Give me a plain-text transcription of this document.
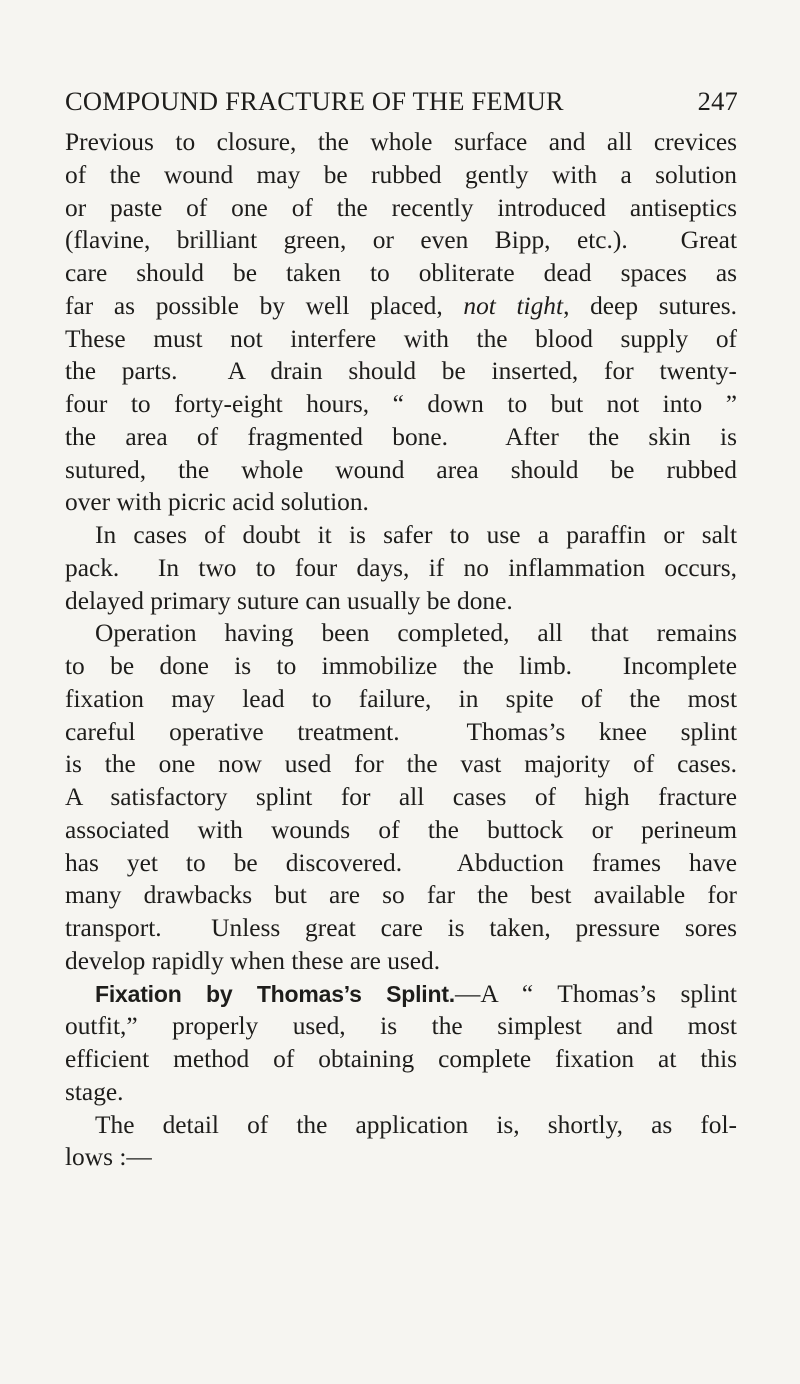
COMPOUND FRACTURE OF THE FEMUR	247
Previous to closure, the whole surface and all crevices
of the wound may be rubbed gently with a solution
or paste of one of the recently introduced antiseptics
(flavine, brilliant green, or even Bipp, etc.).  Great
care should be taken to obliterate dead spaces as
far as possible by well placed, not tight, deep sutures.
These must not interfere with the blood supply of
the parts.  A drain should be inserted, for twenty-
four to forty-eight hours, “ down to but not into ”
the area of fragmented bone.  After the skin is
sutured, the whole wound area should be rubbed
over with picric acid solution.
In cases of doubt it is safer to use a paraffin or salt
pack.  In two to four days, if no inflammation occurs,
delayed primary suture can usually be done.
Operation having been completed, all that remains
to be done is to immobilize the limb.  Incomplete
fixation may lead to failure, in spite of the most
careful operative treatment.  Thomas’s knee splint
is the one now used for the vast majority of cases.
A satisfactory splint for all cases of high fracture
associated with wounds of the buttock or perineum
has yet to be discovered.  Abduction frames have
many drawbacks but are so far the best available for
transport.  Unless great care is taken, pressure sores
develop rapidly when these are used.
Fixation by Thomas’s Splint.—A “ Thomas’s splint
outfit,” properly used, is the simplest and most
efficient method of obtaining complete fixation at this
stage.
The detail of the application is, shortly, as fol-
lows :—
